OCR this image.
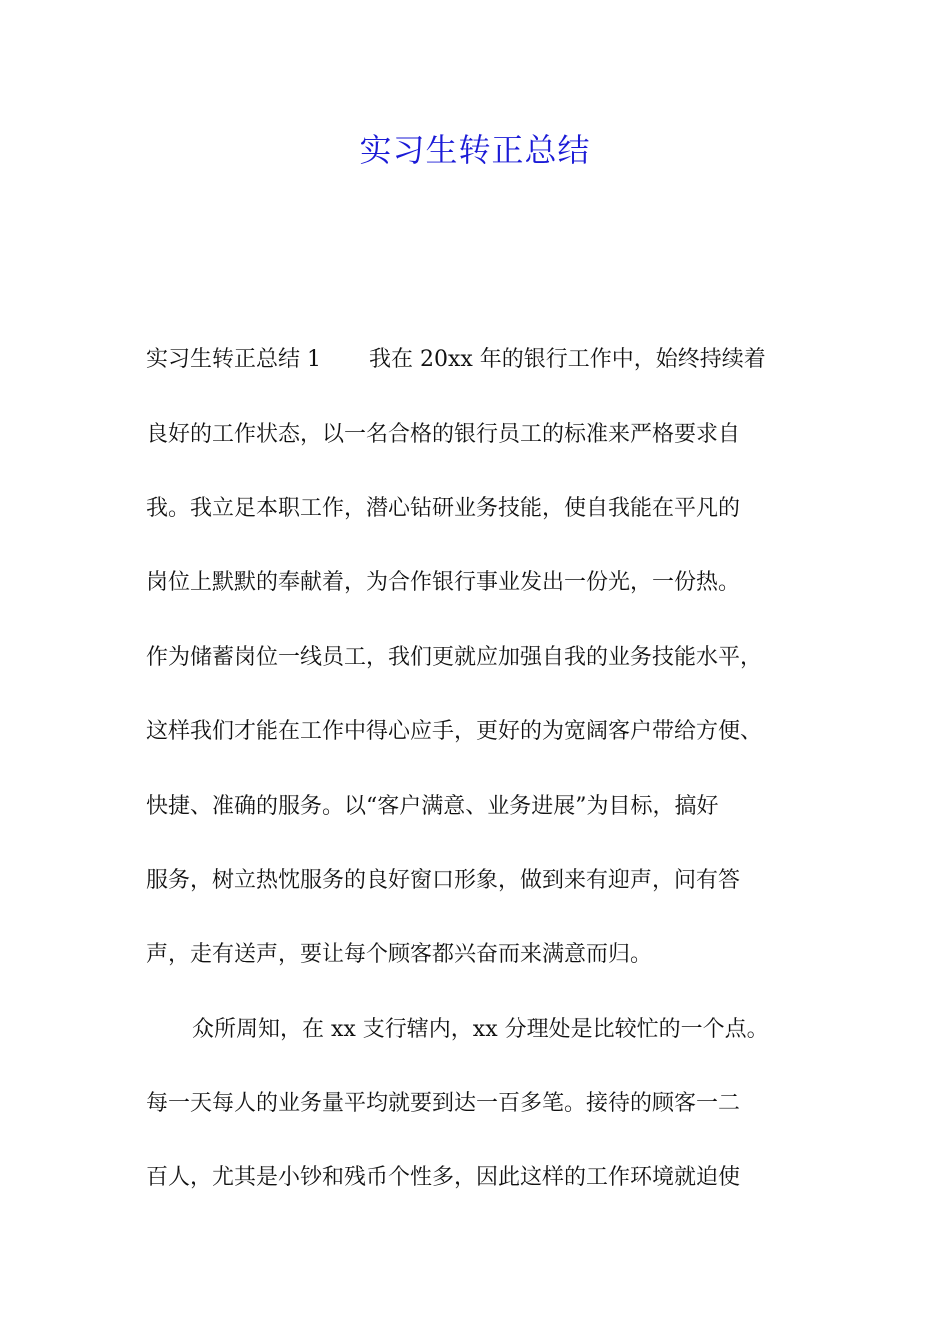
实习生转正总结
实习生转正总结 1 我在 20xx 年的银行工作中，始终持续着
良好的工作状态，以一名合格的银行员工的标准来严格要求自
我。我立足本职工作，潜心钻研业务技能，使自我能在平凡的
岗位上默默的奉献着，为合作银行事业发出一份光，一份热。
作为储蓄岗位一线员工，我们更就应加强自我的业务技能水平，
这样我们才能在工作中得心应手，更好的为宽阔客户带给方便、
快捷、准确的服务。以“客户满意、业务进展”为目标，搞好
服务，树立热忱服务的良好窗口形象，做到来有迎声，问有答
声，走有送声，要让每个顾客都兴奋而来满意而归。
众所周知，在 xx 支行辖内，xx 分理处是比较忙的一个点。
每一天每人的业务量平均就要到达一百多笔。接待的顾客一二
百人，尤其是小钞和残币个性多，因此这样的工作环境就迫使
